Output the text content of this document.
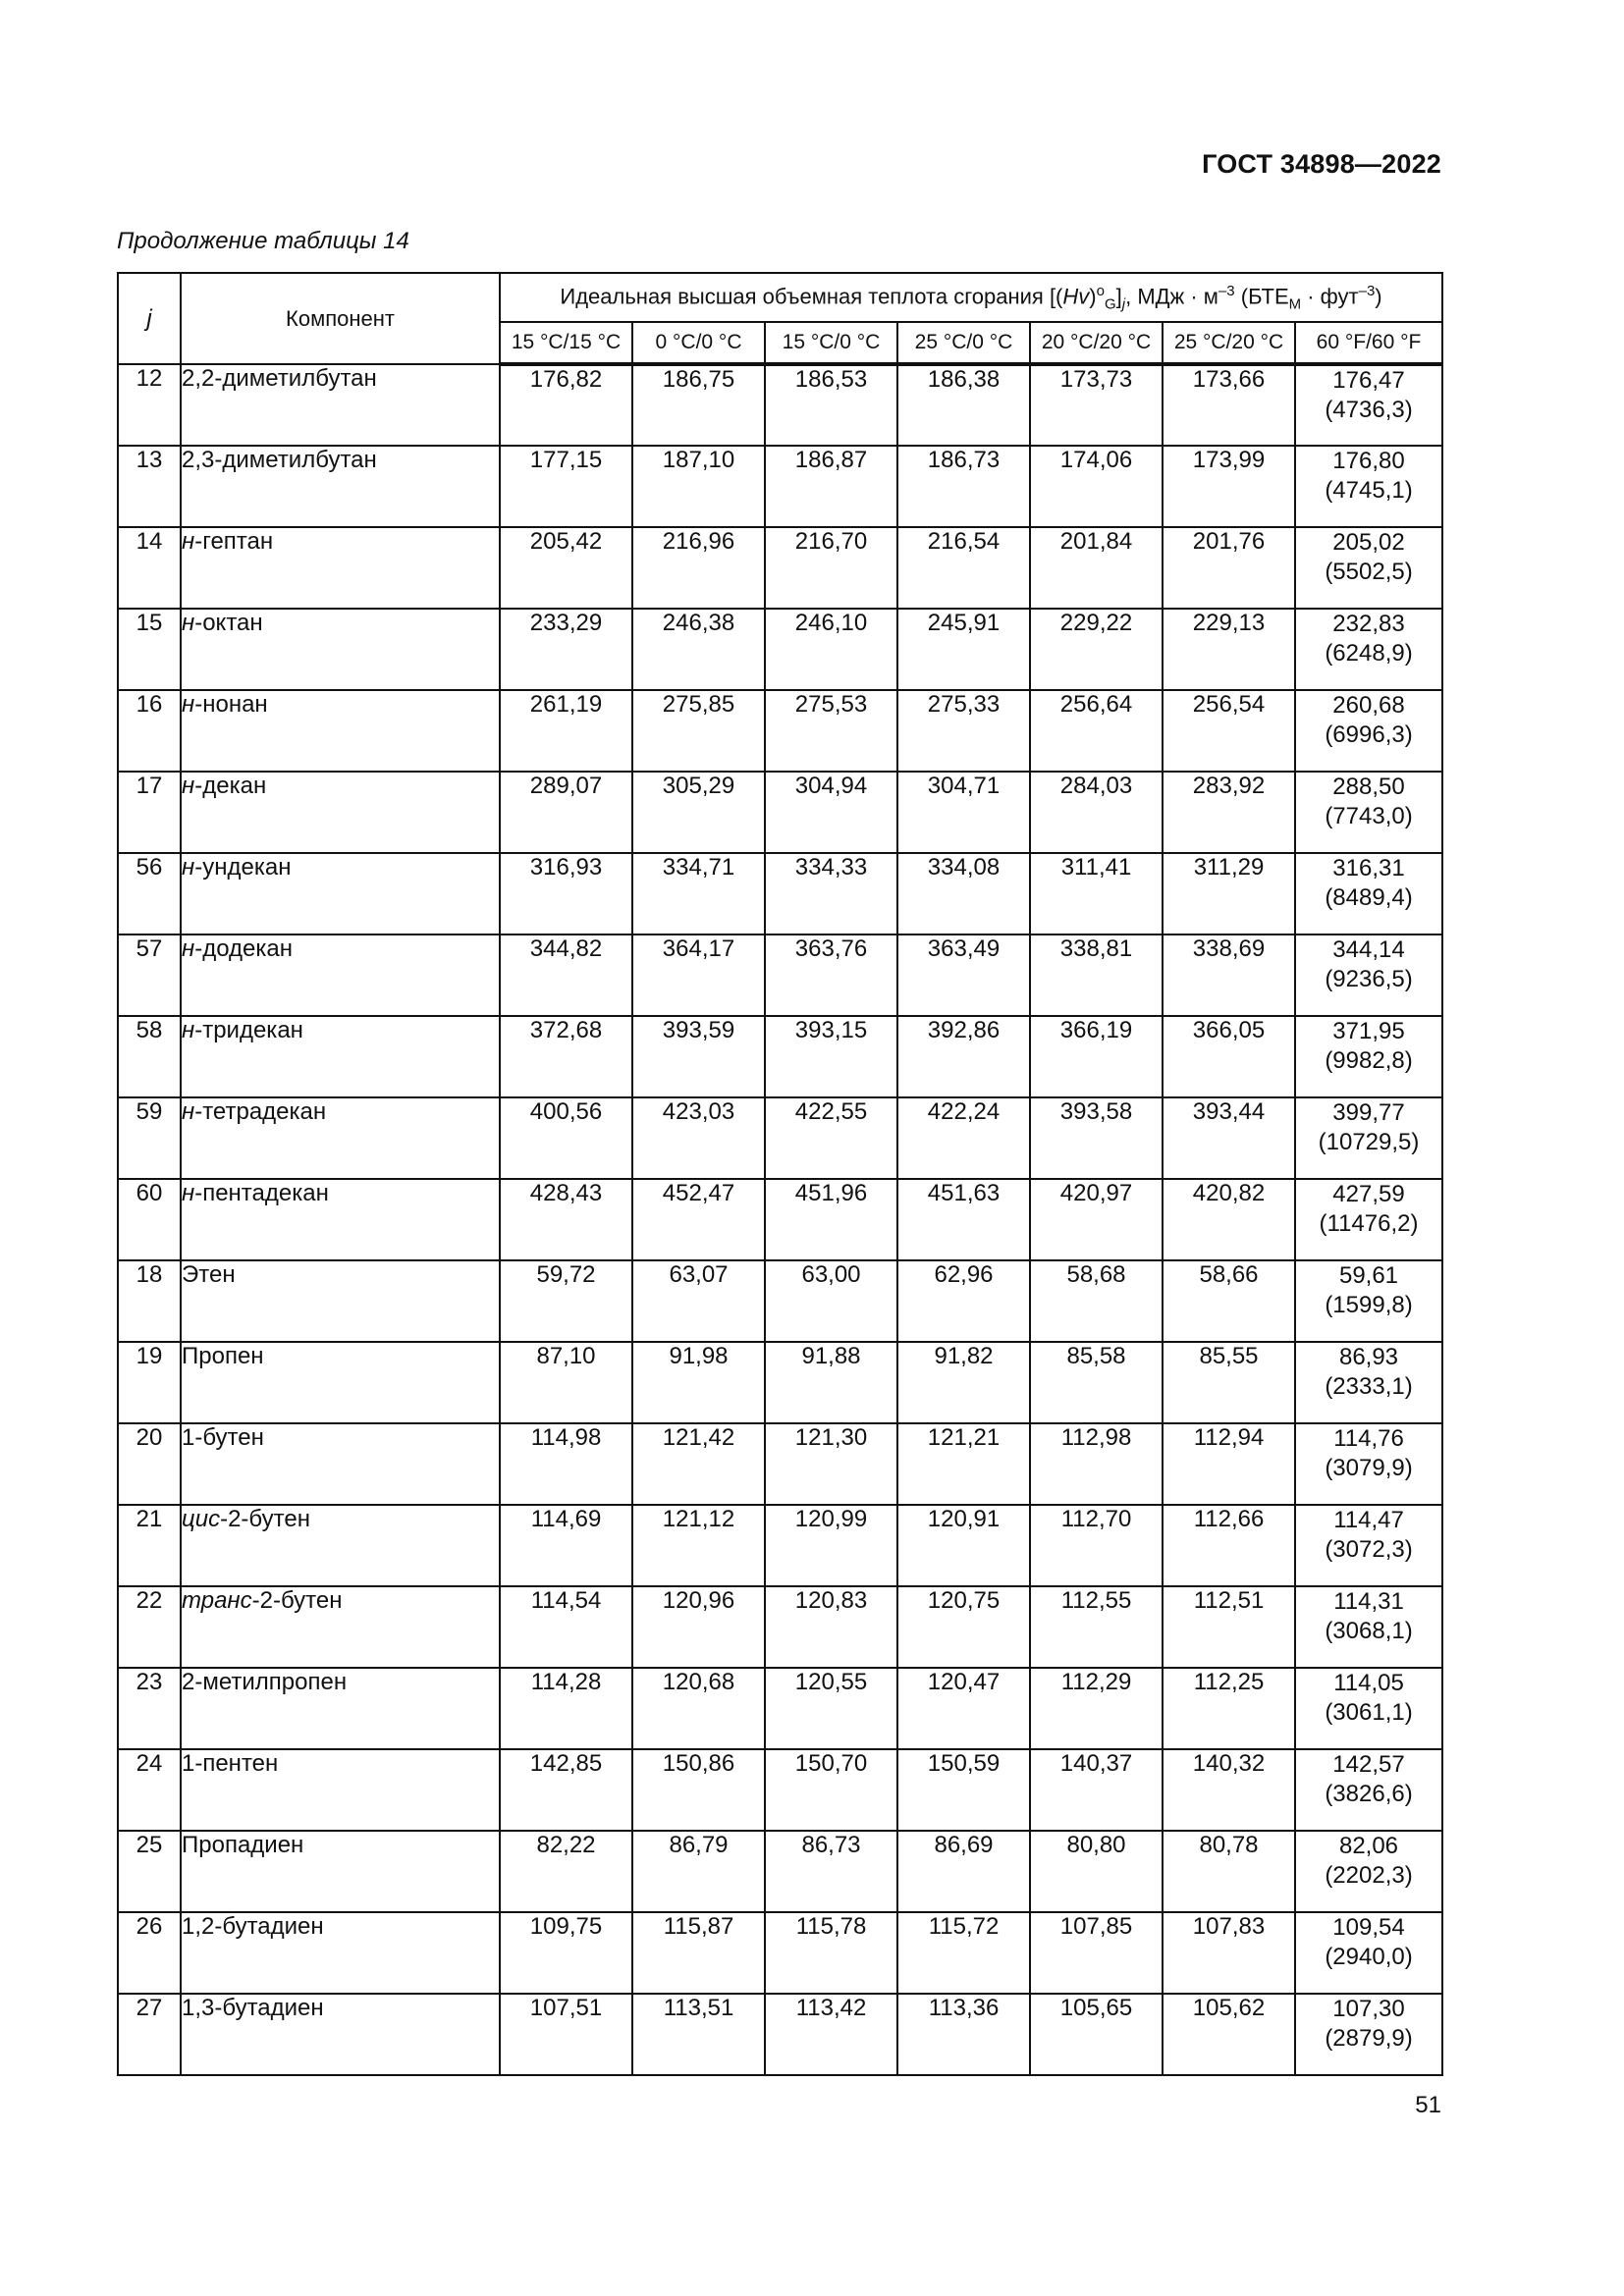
ГОСТ 34898—2022
Продолжение таблицы 14
j	Компонент	Идеальная высшая объемная теплота сгорания $[(Hv)^o_G]_j$, МДж · $м^{-3}$ $(БТЕ_М \cdot фут^{-3})$						
		15 °C/15 °C	0 °C/0 °C	15 °C/0 °C	25 °C/0 °C	20 °C/20 °C	25 °C/20 °C	60 °F/60 °F
12	2,2-диметилбутан	176,82	186,75	186,53	186,38	173,73	173,66	176,47
(4736,3)

13	2,3-диметилбутан	177,15	187,10	186,87	186,73	174,06	173,99	176,80
(4745,1)

14	н-гептан	205,42	216,96	216,70	216,54	201,84	201,76	205,02
(5502,5)

15	н-октан	233,29	246,38	246,10	245,91	229,22	229,13	232,83
(6248,9)

16	н-нонан	261,19	275,85	275,53	275,33	256,64	256,54	260,68
(6996,3)

17	н-декан	289,07	305,29	304,94	304,71	284,03	283,92	288,50
(7743,0)

56	н-ундекан	316,93	334,71	334,33	334,08	311,41	311,29	316,31
(8489,4)

57	н-додекан	344,82	364,17	363,76	363,49	338,81	338,69	344,14
(9236,5)

58	н-тридекан	372,68	393,59	393,15	392,86	366,19	366,05	371,95
(9982,8)

59	н-тетрадекан	400,56	423,03	422,55	422,24	393,58	393,44	399,77
(10729,5)

60	н-пентадекан	428,43	452,47	451,96	451,63	420,97	420,82	427,59
(11476,2)

18	Этен	59,72	63,07	63,00	62,96	58,68	58,66	59,61
(1599,8)

19	Пропен	87,10	91,98	91,88	91,82	85,58	85,55	86,93
(2333,1)

20	1-бутен	114,98	121,42	121,30	121,21	112,98	112,94	114,76
(3079,9)

21	цис-2-бутен	114,69	121,12	120,99	120,91	112,70	112,66	114,47
(3072,3)

22	транс-2-бутен	114,54	120,96	120,83	120,75	112,55	112,51	114,31
(3068,1)

23	2-метилпропен	114,28	120,68	120,55	120,47	112,29	112,25	114,05
(3061,1)

24	1-пентен	142,85	150,86	150,70	150,59	140,37	140,32	142,57
(3826,6)

25	Пропадиен	82,22	86,79	86,73	86,69	80,80	80,78	82,06
(2202,3)

26	1,2-бутадиен	109,75	115,87	115,78	115,72	107,85	107,83	109,54
(2940,0)

27	1,3-бутадиен	107,51	113,51	113,42	113,36	105,65	105,62	107,30
(2879,9)
51
